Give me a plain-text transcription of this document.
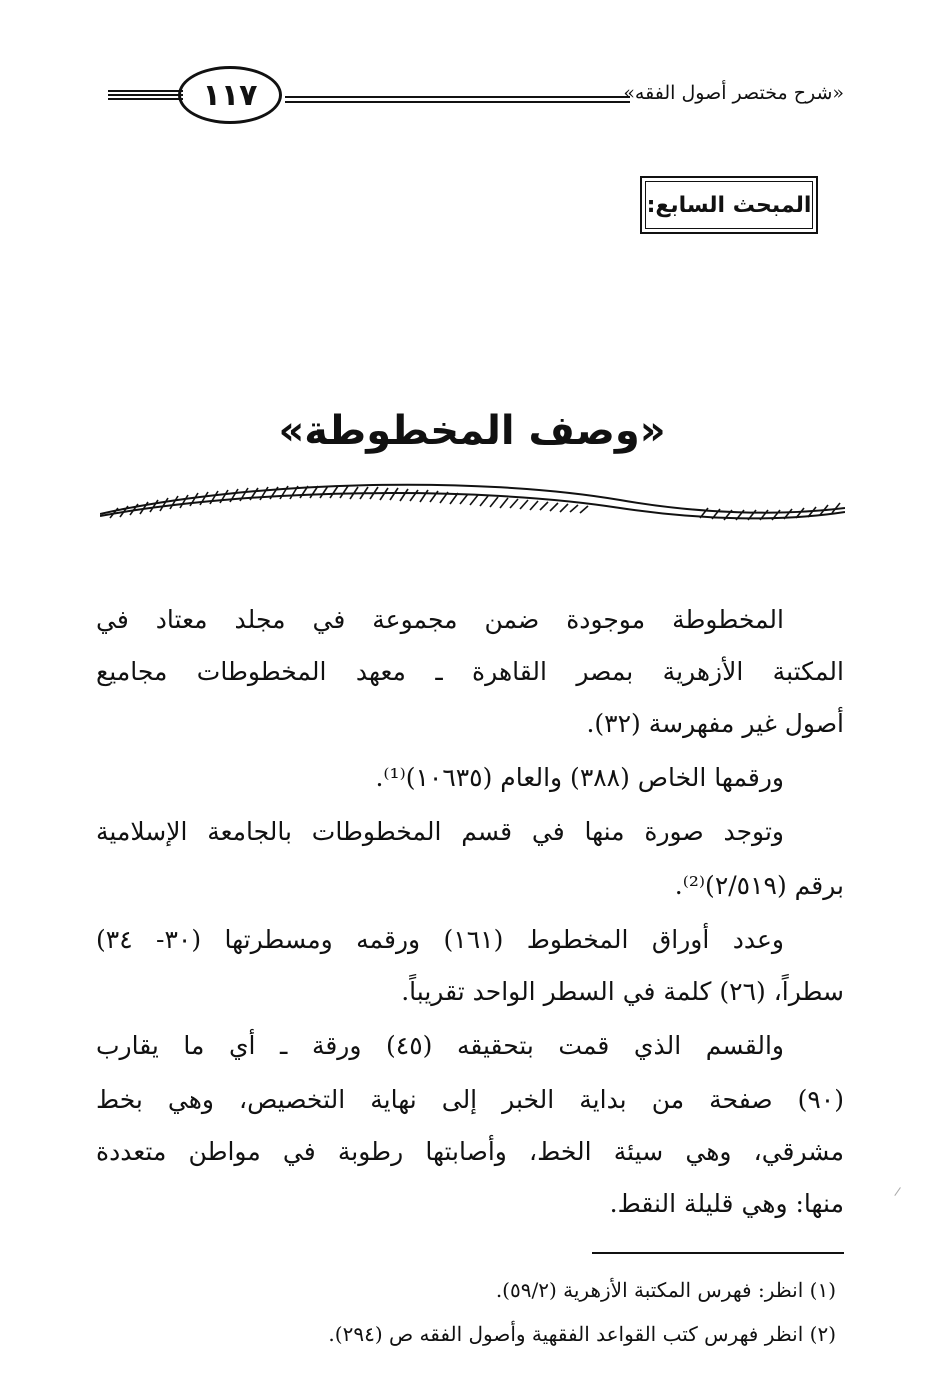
«شرح مختصر أصول الفقه»
١١٧
المبحث السابع:
«وصف المخطوطة»
المخطوطة موجودة ضمن مجموعة في مجلد معتاد في
المكتبة الأزهرية بمصر القاهرة ـ معهد المخطوطات مجاميع
أصول غير مفهرسة (٣٢).
ورقمها الخاص (٣٨٨) والعام (١٠٦٣٥)⁽¹⁾.
وتوجد صورة منها في قسم المخطوطات بالجامعة الإسلامية
برقم (٢/٥١٩)⁽²⁾.
وعدد أوراق المخطوط (١٦١) ورقمه ومسطرتها (٣٠- ٣٤)
سطراً، (٢٦) كلمة في السطر الواحد تقريباً.
والقسم الذي قمت بتحقيقه (٤٥) ورقة ـ أي ما يقارب
(٩٠) صفحة من بداية الخبر إلى نهاية التخصيص، وهي بخط
مشرقي، وهي سيئة الخط، وأصابتها رطوبة في مواطن متعددة
منها: وهي قليلة النقط.
(١) انظر: فهرس المكتبة الأزهرية (٥٩/٢).
(٢) انظر فهرس كتب القواعد الفقهية وأصول الفقه ص (٢٩٤).
